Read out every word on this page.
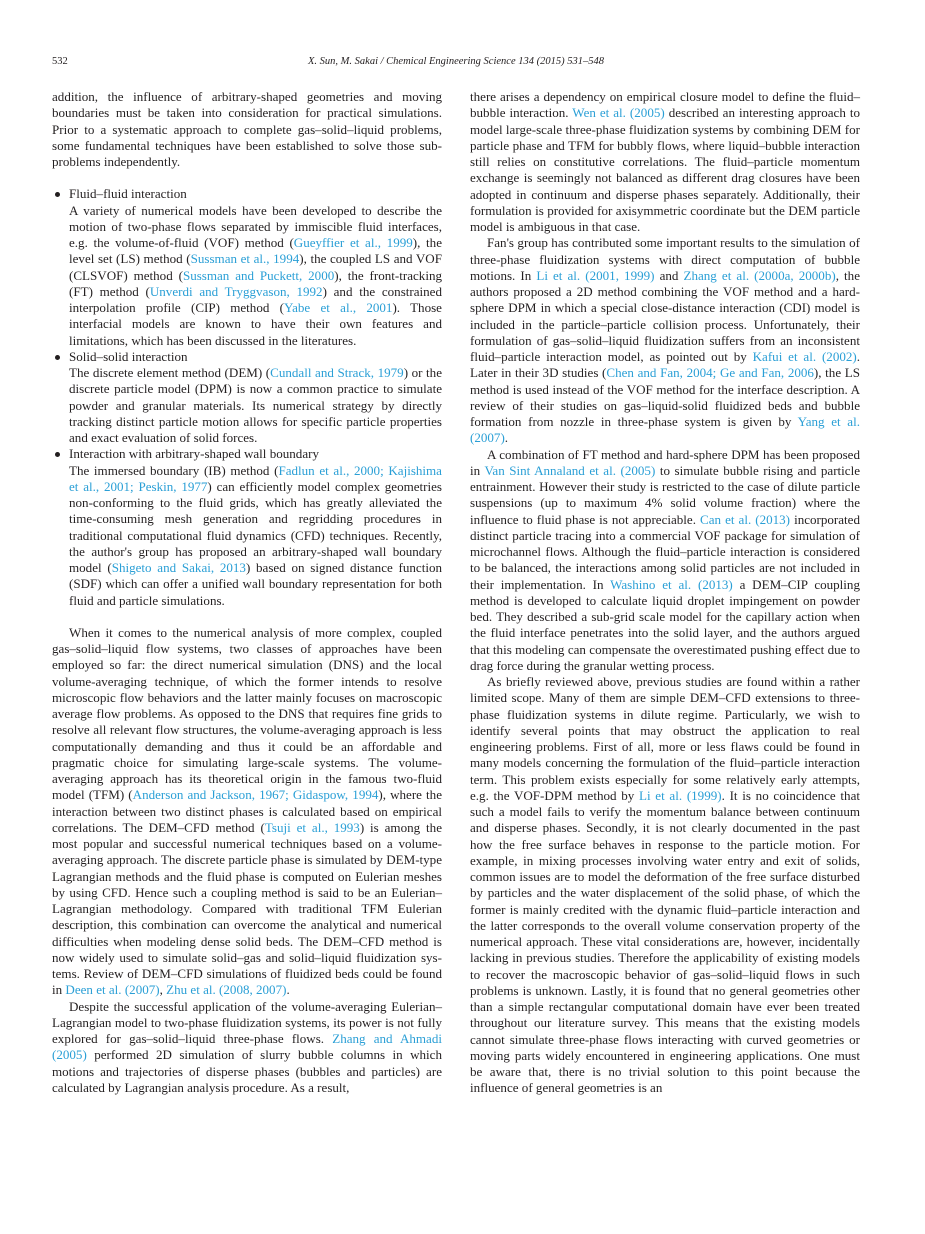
532	X. Sun, M. Sakai / Chemical Engineering Science 134 (2015) 531–548

addition, the influence of arbitrary-shaped geometries and moving boundaries must be taken into consideration for practical simulations. Prior to a systematic approach to complete gas–solid–liquid problems, some fundamental techniques have been established to solve those sub-problems independently.

Fluid–fluid interaction
A variety of numerical models have been developed to describe the motion of two-phase flows separated by immiscible fluid interfaces, e.g. the volume-of-fluid (VOF) method (Gueyffier et al., 1999), the level set (LS) method (Sussman et al., 1994), the coupled LS and VOF (CLSVOF) method (Sussman and Puckett, 2000), the front-tracking (FT) method (Unverdi and Tryggvason, 1992) and the constrained interpolation profile (CIP) method (Yabe et al., 2001). Those interfacial models are known to have their own features and limitations, which has been discussed in the literatures.
Solid–solid interaction
The discrete element method (DEM) (Cundall and Strack, 1979) or the discrete particle model (DPM) is now a common practice to simulate powder and granular materials. Its numerical strategy by directly tracking distinct particle motion allows for specific particle properties and exact evaluation of solid forces.
Interaction with arbitrary-shaped wall boundary
The immersed boundary (IB) method (Fadlun et al., 2000; Kajishima et al., 2001; Peskin, 1977) can efficiently model complex geometries non-conforming to the fluid grids, which has greatly alleviated the time-consuming mesh generation and regridding procedures in traditional computational fluid dynamics (CFD) techniques. Recently, the author's group has proposed an arbitrary-shaped wall boundary model (Shigeto and Sakai, 2013) based on signed distance function (SDF) which can offer a unified wall boundary representation for both fluid and particle simulations.

When it comes to the numerical analysis of more complex, coupled gas–solid–liquid flow systems, two classes of approaches have been employed so far: the direct numerical simulation (DNS) and the local volume-averaging technique, of which the former intends to resolve microscopic flow behaviors and the latter mainly focuses on macroscopic average flow problems. As opposed to the DNS that requires fine grids to resolve all relevant flow structures, the volume-averaging approach is less computationally demanding and thus it could be an affordable and pragmatic choice for simulating large-scale systems. The volume-averaging approach has its theoretical origin in the famous two-fluid model (TFM) (Anderson and Jackson, 1967; Gidaspow, 1994), where the interaction between two distinct phases is calculated based on empirical correlations. The DEM–CFD method (Tsuji et al., 1993) is among the most popular and successful numerical techniques based on a volume-averaging approach. The discrete particle phase is simulated by DEM-type Lagrangian methods and the fluid phase is computed on Eulerian meshes by using CFD. Hence such a coupling method is said to be an Eulerian–Lagrangian methodology. Compared with traditional TFM Eulerian description, this combination can overcome the analytical and numerical difficulties when modeling dense solid beds. The DEM–CFD method is now widely used to simulate solid–gas and solid–liquid fluidization systems. Review of DEM–CFD simulations of fluidized beds could be found in Deen et al. (2007), Zhu et al. (2008, 2007).

Despite the successful application of the volume-averaging Eulerian–Lagrangian model to two-phase fluidization systems, its power is not fully explored for gas–solid–liquid three-phase flows. Zhang and Ahmadi (2005) performed 2D simulation of slurry bubble columns in which motions and trajectories of disperse phases (bubbles and particles) are calculated by Lagrangian analysis procedure. As a result,

there arises a dependency on empirical closure model to define the fluid–bubble interaction. Wen et al. (2005) described an interesting approach to model large-scale three-phase fluidization systems by combining DEM for particle phase and TFM for bubbly flows, where liquid–bubble interaction still relies on constitutive correlations. The fluid–particle momentum exchange is seemingly not balanced as different drag closures have been adopted in continuum and disperse phases separately. Additionally, their formulation is provided for axisymmetric coordinate but the DEM particle model is ambiguous in that case.

Fan's group has contributed some important results to the simulation of three-phase fluidization systems with direct computation of bubble motions. In Li et al. (2001, 1999) and Zhang et al. (2000a, 2000b), the authors proposed a 2D method combining the VOF method and a hard-sphere DPM in which a special close-distance interaction (CDI) model is included in the particle–particle collision process. Unfortunately, their formulation of gas–solid–liquid fluidization suffers from an inconsistent fluid–particle interaction model, as pointed out by Kafui et al. (2002). Later in their 3D studies (Chen and Fan, 2004; Ge and Fan, 2006), the LS method is used instead of the VOF method for the interface description. A review of their studies on gas–liquid-solid fluidized beds and bubble formation from nozzle in three-phase system is given by Yang et al. (2007).

A combination of FT method and hard-sphere DPM has been proposed in Van Sint Annaland et al. (2005) to simulate bubble rising and particle entrainment. However their study is restricted to the case of dilute particle suspensions (up to maximum 4% solid volume fraction) where the influence to fluid phase is not appreciable. Can et al. (2013) incorporated distinct particle tracing into a commercial VOF package for simulation of microchannel flows. Although the fluid–particle interaction is considered to be balanced, the interactions among solid particles are not included in their implementation. In Washino et al. (2013) a DEM–CIP coupling method is developed to calculate liquid droplet impingement on powder bed. They described a sub-grid scale model for the capillary action when the fluid interface penetrates into the solid layer, and the authors argued that this modeling can compensate the overestimated pushing effect due to drag force during the granular wetting process.

As briefly reviewed above, previous studies are found within a rather limited scope. Many of them are simple DEM–CFD extensions to three-phase fluidization systems in dilute regime. Particularly, we wish to identify several points that may obstruct the application to real engineering problems. First of all, more or less flaws could be found in many models concerning the formulation of the fluid–particle interaction term. This problem exists especially for some relatively early attempts, e.g. the VOF-DPM method by Li et al. (1999). It is no coincidence that such a model fails to verify the momentum balance between continuum and disperse phases. Secondly, it is not clearly documented in the past how the free surface behaves in response to the particle motion. For example, in mixing processes involving water entry and exit of solids, common issues are to model the deformation of the free surface disturbed by particles and the water displacement of the solid phase, of which the former is mainly credited with the dynamic fluid–particle interaction and the latter corresponds to the overall volume conservation property of the numerical approach. These vital considerations are, however, incidentally lacking in previous studies. Therefore the applicability of existing models to recover the macroscopic behavior of gas–solid–liquid flows in such problems is unknown. Lastly, it is found that no general geometries other than a simple rectangular computational domain have ever been treated throughout our literature survey. This means that the existing models cannot simulate three-phase flows interacting with curved geometries or moving parts widely encountered in engineering applications. One must be aware that, there is no trivial solution to this point because the influence of general geometries is an
